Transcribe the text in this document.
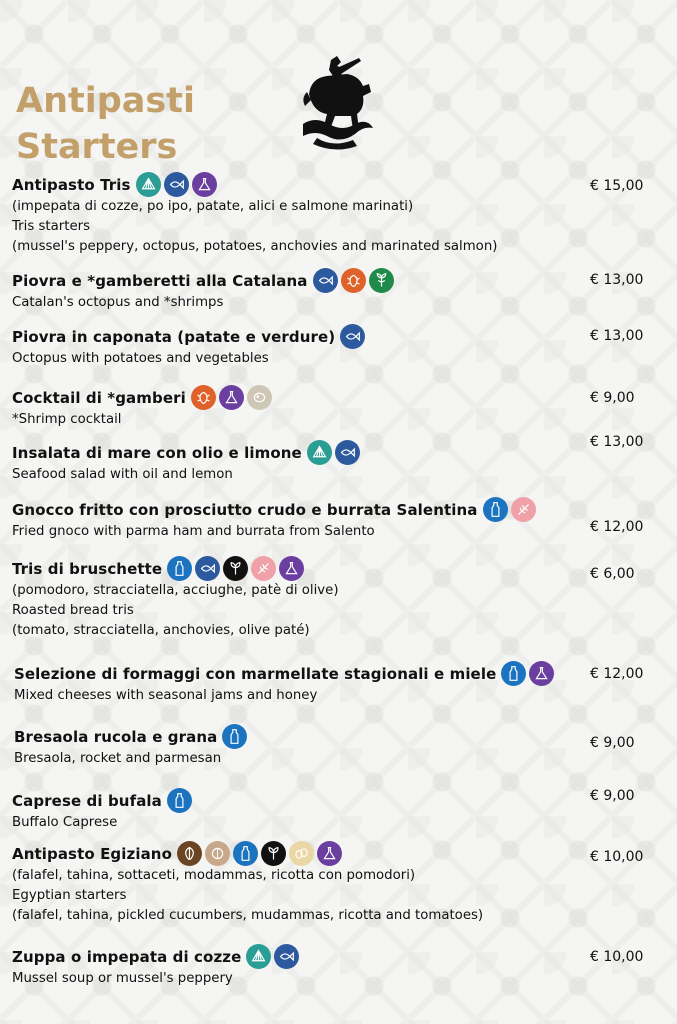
Antipasti
Starters
Antipasto Tris
(impepata di cozze, po ipo, patate, alici e salmone marinati)
Tris starters
(mussel's peppery, octopus, potatoes, anchovies and marinated salmon)
€ 15,00
Piovra e *gamberetti alla Catalana
Catalan's octopus and *shrimps
€ 13,00
Piovra in caponata (patate e verdure)
Octopus with potatoes and vegetables
€ 13,00
Cocktail di *gamberi
*Shrimp cocktail
€ 9,00
Insalata di mare con olio e limone
Seafood salad with oil and lemon
€ 13,00
Gnocco fritto con prosciutto crudo e burrata Salentina
Fried gnoco with parma ham and burrata from Salento	€ 12,00
Tris di bruschette
(pomodoro, stracciatella, acciughe, patè di olive)
Roasted bread tris
(tomato, stracciatella, anchovies, olive paté)
€ 6,00
Selezione di formaggi con marmellate stagionali e miele
Mixed cheeses with seasonal jams and honey
€ 12,00
Bresaola rucola e grana
Bresaola, rocket and parmesan
€ 9,00
Caprese di bufala
Buffalo Caprese
€ 9,00
Antipasto Egiziano
(falafel, tahina, sottaceti, modammas, ricotta con pomodori)
Egyptian starters
(falafel, tahina, pickled cucumbers, mudammas, ricotta and tomatoes)
€ 10,00
Zuppa o impepata di cozze
Mussel soup or mussel's peppery
€ 10,00
